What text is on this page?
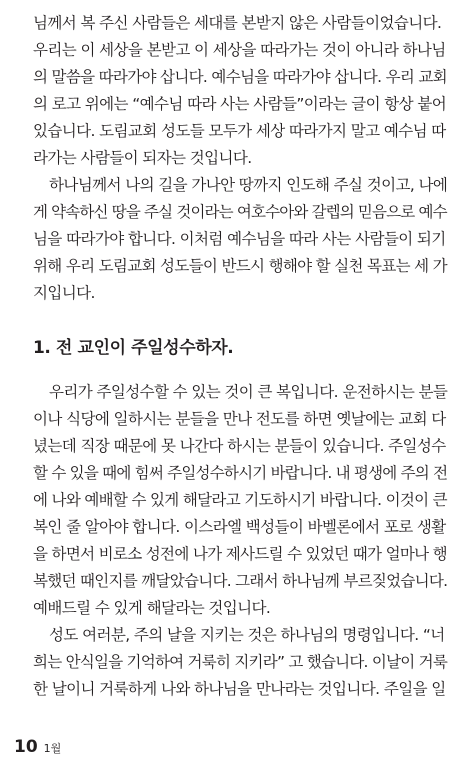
님께서 복 주신 사람들은 세대를 본받지 않은 사람들이었습니다.
우리는 이 세상을 본받고 이 세상을 따라가는 것이 아니라 하나님
의 말씀을 따라가야 삽니다. 예수님을 따라가야 삽니다. 우리 교회
의 로고 위에는 “예수님 따라 사는 사람들”이라는 글이 항상 붙어
있습니다. 도림교회 성도들 모두가 세상 따라가지 말고 예수님 따
라가는 사람들이 되자는 것입니다.
하나님께서 나의 길을 가나안 땅까지 인도해 주실 것이고, 나에
게 약속하신 땅을 주실 것이라는 여호수아와 갈렙의 믿음으로 예수
님을 따라가야 합니다. 이처럼 예수님을 따라 사는 사람들이 되기
위해 우리 도림교회 성도들이 반드시 행해야 할 실천 목표는 세 가
지입니다.
1. 전 교인이 주일성수하자.
우리가 주일성수할 수 있는 것이 큰 복입니다. 운전하시는 분들
이나 식당에 일하시는 분들을 만나 전도를 하면 옛날에는 교회 다
녔는데 직장 때문에 못 나간다 하시는 분들이 있습니다. 주일성수
할 수 있을 때에 힘써 주일성수하시기 바랍니다. 내 평생에 주의 전
에 나와 예배할 수 있게 해달라고 기도하시기 바랍니다. 이것이 큰
복인 줄 알아야 합니다. 이스라엘 백성들이 바벨론에서 포로 생활
을 하면서 비로소 성전에 나가 제사드릴 수 있었던 때가 얼마나 행
복했던 때인지를 깨달았습니다. 그래서 하나님께 부르짖었습니다.
예배드릴 수 있게 해달라는 것입니다.
성도 여러분, 주의 날을 지키는 것은 하나님의 명령입니다. “너
희는 안식일을 기억하여 거룩히 지키라” 고 했습니다. 이날이 거룩
한 날이니 거룩하게 나와 하나님을 만나라는 것입니다. 주일을 일
10 1월
